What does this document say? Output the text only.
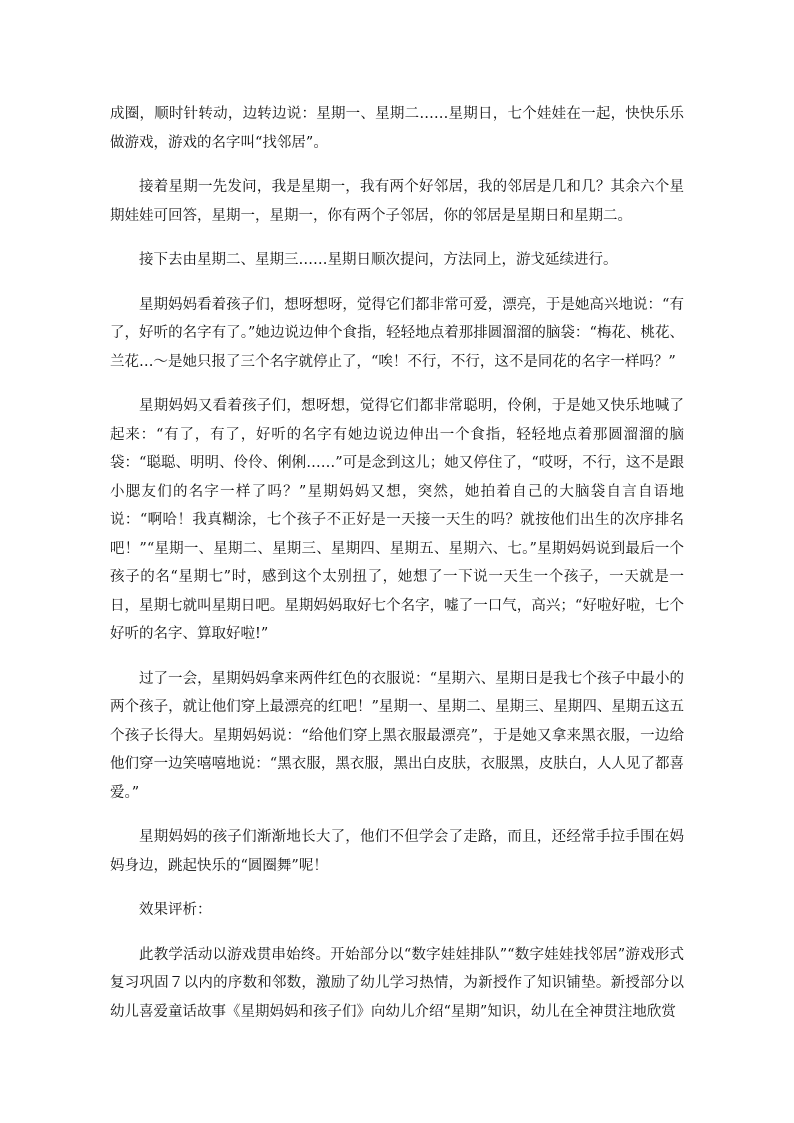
成圈，顺时针转动，边转边说：星期一、星期二……星期日，七个娃娃在一起，快快乐乐做游戏，游戏的名字叫“找邻居”。

接着星期一先发问，我是星期一，我有两个好邻居，我的邻居是几和几？其余六个星期娃娃可回答，星期一，星期一，你有两个子邻居，你的邻居是星期日和星期二。

接下去由星期二、星期三……星期日顺次提问，方法同上，游戈延续进行。

星期妈妈看着孩子们，想呀想呀，觉得它们都非常可爱，漂亮，于是她高兴地说：“有了，好听的名字有了。”她边说边伸个食指，轻轻地点着那排圆溜溜的脑袋：“梅花、桃花、兰花…～是她只报了三个名字就停止了，“唉！不行，不行，这不是同花的名字一样吗？”

星期妈妈又看着孩子们，想呀想，觉得它们都非常聪明，伶俐，于是她又快乐地喊了起来：“有了，有了，好听的名字有她边说边伸出一个食指，轻轻地点着那圆溜溜的脑袋：“聪聪、明明、伶伶、俐俐……”可是念到这儿；她又停住了，“哎呀，不行，这不是跟小腮友们的名字一样了吗？”星期妈妈又想，突然，她拍着自己的大脑袋自言自语地说：“啊哈！我真糊涂，七个孩子不正好是一天接一天生的吗？就按他们出生的次序排名吧！”“星期一、星期二、星期三、星期四、星期五、星期六、七。”星期妈妈说到最后一个孩子的名“星期七”时，感到这个太别扭了，她想了一下说一天生一个孩子，一天就是一日，星期七就叫星期日吧。星期妈妈取好七个名字，嘘了一口气，高兴；“好啦好啦，七个好听的名字、算取好啦!”

过了一会，星期妈妈拿来两件红色的衣服说：“星期六、星期日是我七个孩子中最小的两个孩子，就让他们穿上最漂亮的红吧！”星期一、星期二、星期三、星期四、星期五这五个孩子长得大。星期妈妈说：“给他们穿上黑衣服最漂亮”，于是她又拿来黑衣服，一边给他们穿一边笑嘻嘻地说：“黑衣服，黑衣服，黑出白皮肤，衣服黑，皮肤白，人人见了都喜爱。”

星期妈妈的孩子们渐渐地长大了，他们不但学会了走路，而且，还经常手拉手围在妈妈身边，跳起快乐的“圆圈舞”呢！

效果评析：

此教学活动以游戏贯串始终。开始部分以“数字娃娃排队”“数字娃娃找邻居”游戏形式复习巩固７以内的序数和邻数，激励了幼儿学习热情，为新授作了知识铺垫。新授部分以幼儿喜爱童话故事《星期妈妈和孩子们》向幼儿介绍“星期”知识，幼儿在全神贯注地欣赏
